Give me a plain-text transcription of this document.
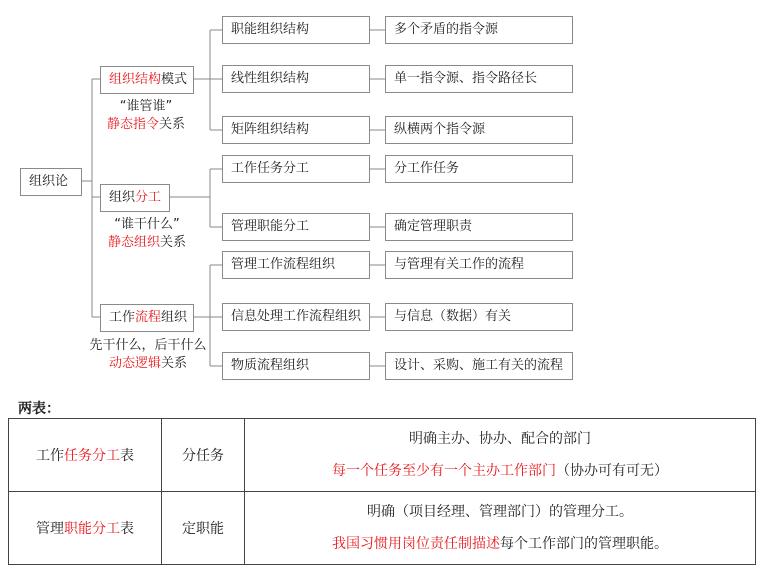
组织论
组织结构模式
“谁管谁”
静态指令关系
组织分工
“谁干什么”
静态组织关系
工作流程组织
先干什么，后干什么
动态逻辑关系
职能组织结构
线性组织结构
矩阵组织结构
工作任务分工
管理职能分工
管理工作流程组织
信息处理工作流程组织
物质流程组织
多个矛盾的指令源
单一指令源、指令路径长
纵横两个指令源
分工作任务
确定管理职责
与管理有关工作的流程
与信息（数据）有关
设计、采购、施工有关的流程
两表：
工作任务分工表	分任务	明确主办、协办、配合的部门
每一个任务至少有一个主办工作部门（协办可有可无）

管理职能分工表	定职能	明确（项目经理、管理部门）的管理分工。
我国习惯用岗位责任制描述每个工作部门的管理职能。
